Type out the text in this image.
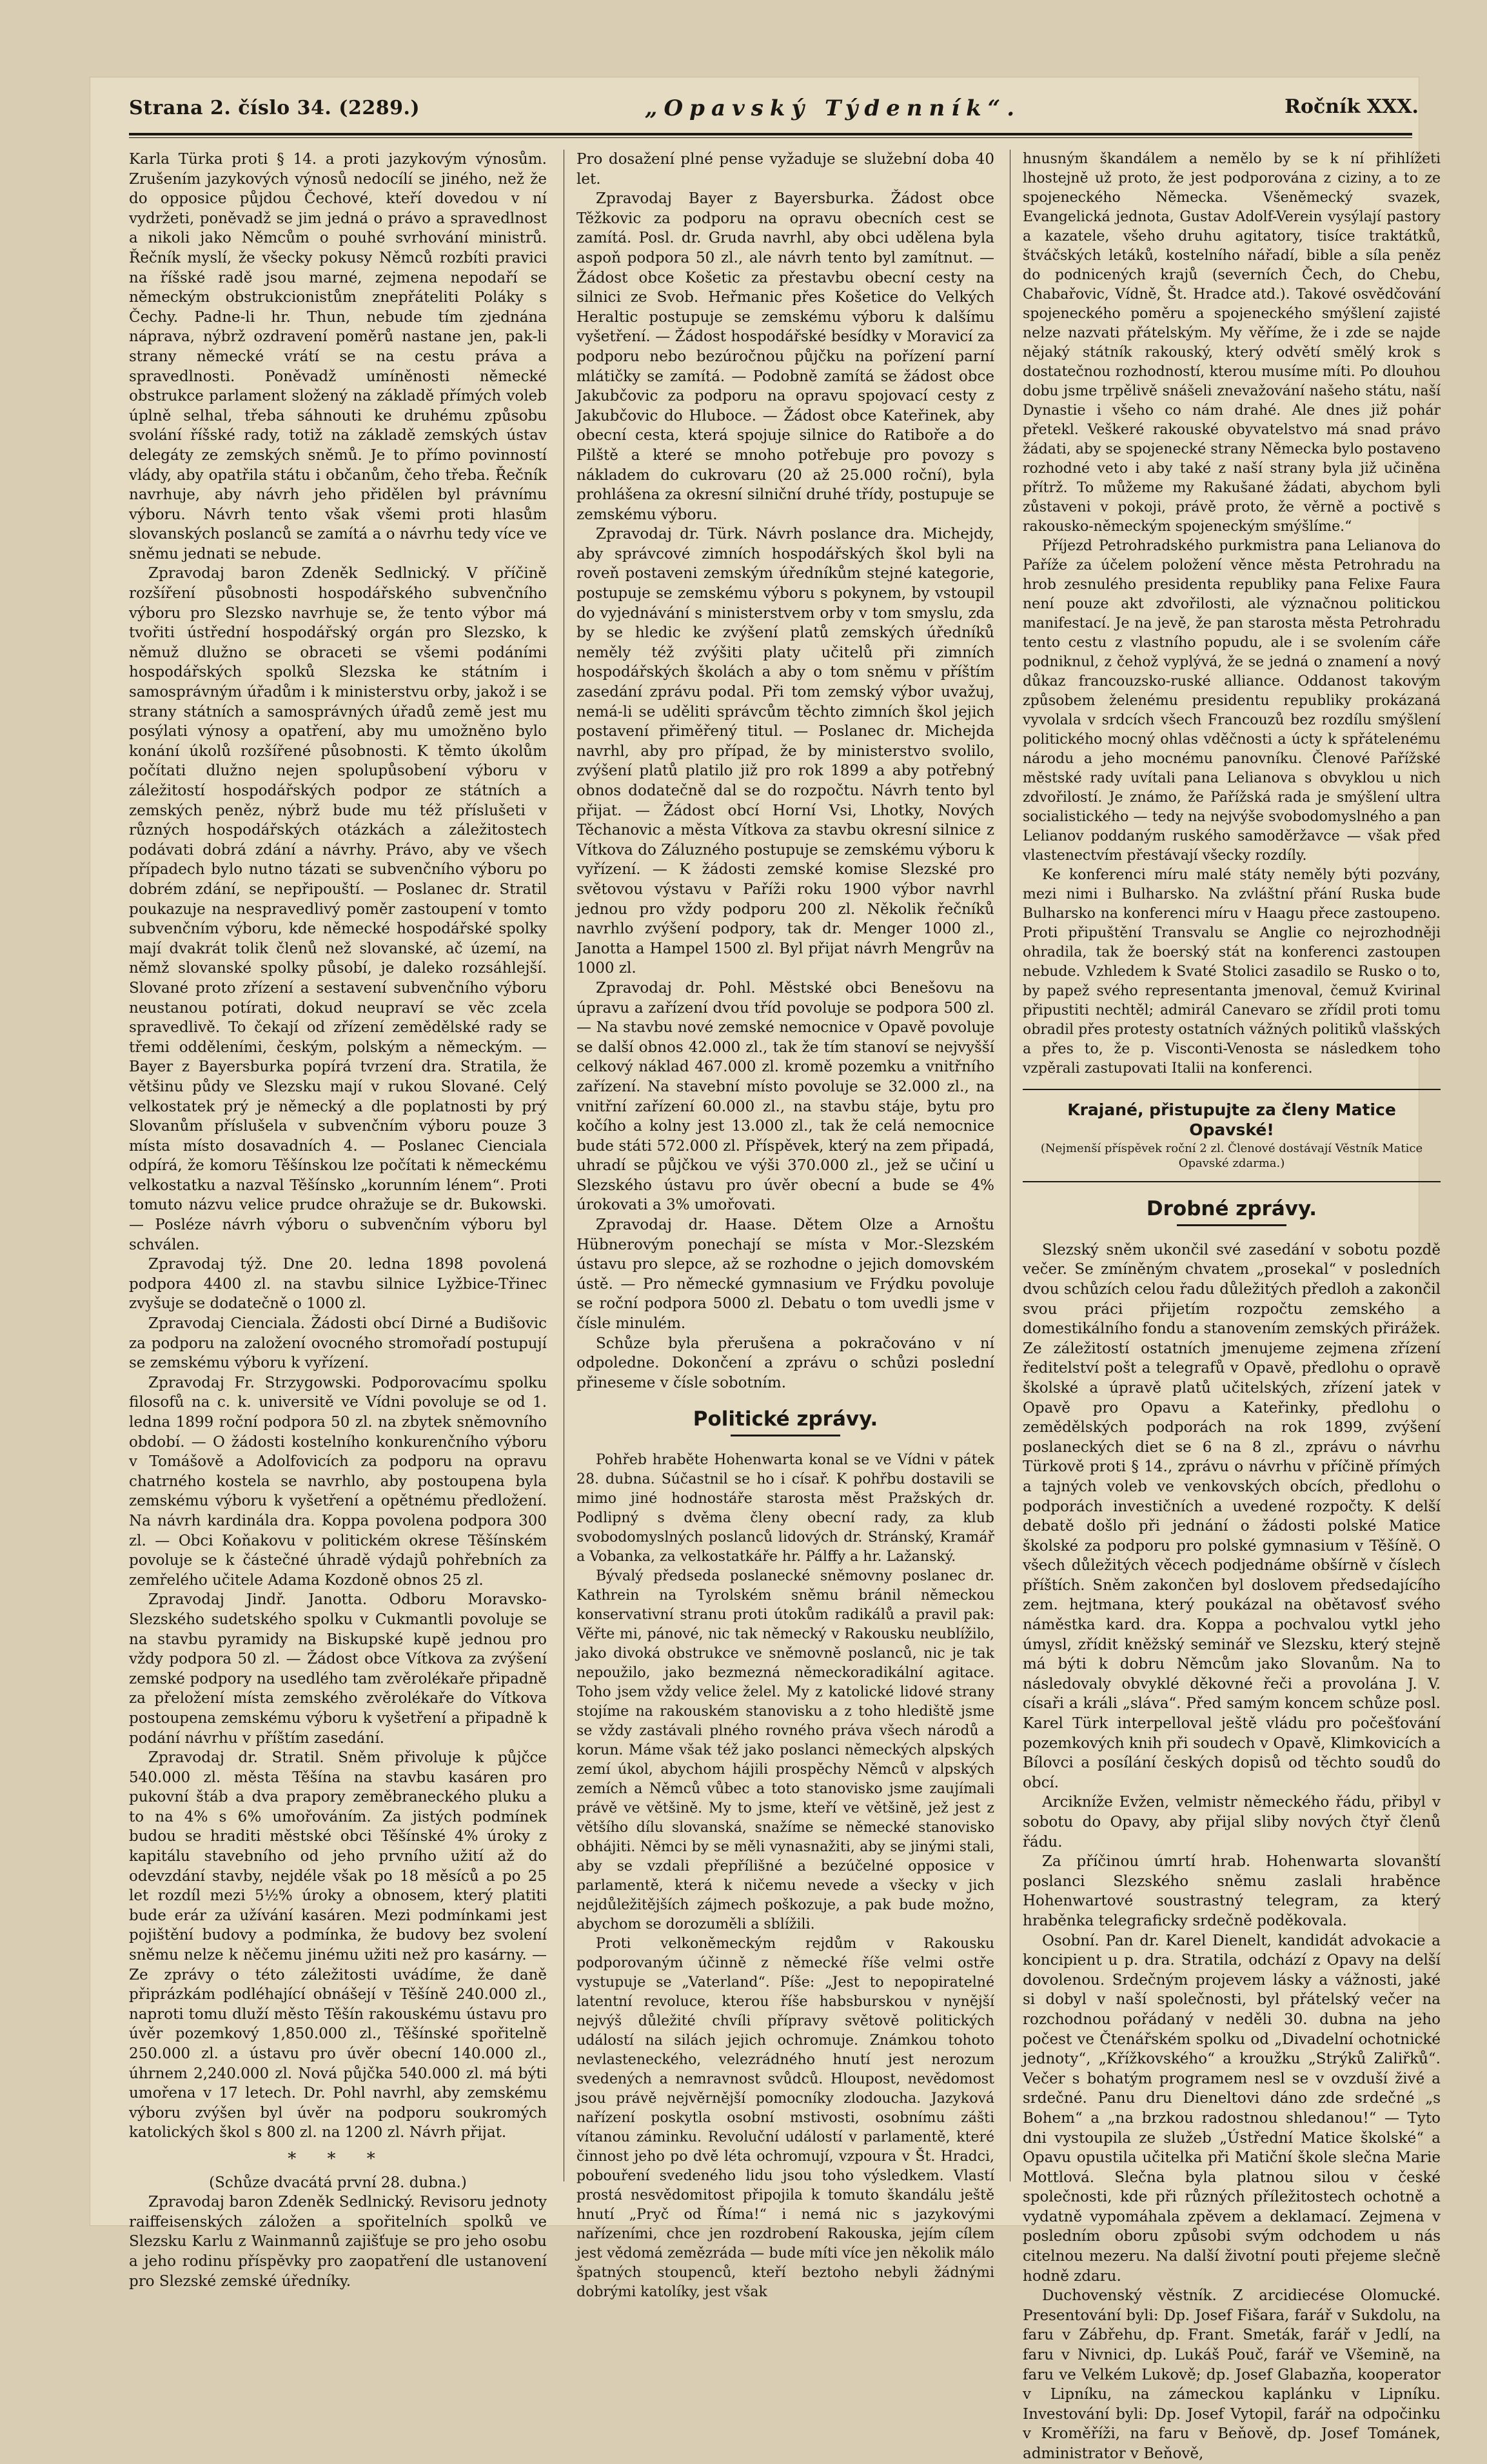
Strana 2. číslo 34. (2289.)	„Opavský Týdenník“.	Ročník XXX.

Karla Türka proti § 14. a proti jazykovým výnosům. Zrušením jazykových výnosů nedocílí se jiného, než že do opposice půjdou Čechové, kteří dovedou v ní vydržeti, poněvadž se jim jedná o právo a spravedlnost a nikoli jako Němcům o pouhé svrhování ministrů. Řečník myslí, že všecky pokusy Němců rozbíti pravici na říšské radě jsou marné, zejmena nepodaří se německým obstrukcionistům znepřáteliti Poláky s Čechy. Padne-li hr. Thun, nebude tím zjednána náprava, nýbrž ozdravení poměrů nastane jen, pak-li strany německé vrátí se na cestu práva a spravedlnosti. Poněvadž umíněnosti německé obstrukce parlament složený na základě přímých voleb úplně selhal, třeba sáhnouti ke druhému způsobu svolání říšské rady, totiž na základě zemských ústav delegáty ze zemských sněmů. Je to přímo povinností vlády, aby opatřila státu i občanům, čeho třeba. Řečník navrhuje, aby návrh jeho přidělen byl právnímu výboru. Návrh tento však všemi proti hlasům slovanských poslanců se zamítá a o návrhu tedy více ve sněmu jednati se nebude.

Zpravodaj baron Zdeněk Sedlnický. V příčině rozšíření působnosti hospodářského subvenčního výboru pro Slezsko navrhuje se, že tento výbor má tvořiti ústřední hospodářský orgán pro Slezsko, k němuž dlužno se obraceti se všemi podáními hospodářských spolků Slezska ke státním i samosprávným úřadům i k ministerstvu orby, jakož i se strany státních a samosprávných úřadů země jest mu posýlati výnosy a opatření, aby mu umožněno bylo konání úkolů rozšířené působnosti. K těmto úkolům počítati dlužno nejen spolupůsobení výboru v záležitostí hospodářských podpor ze státních a zemských peněz, nýbrž bude mu též příslušeti v různých hospodářských otázkách a záležitostech podávati dobrá zdání a návrhy. Právo, aby ve všech případech bylo nutno tázati se subvenčního výboru po dobrém zdání, se nepřipouští. — Poslanec dr. Stratil poukazuje na nespravedlivý poměr zastoupení v tomto subvenčním výboru, kde německé hospodářské spolky mají dvakrát tolik členů než slovanské, ač území, na němž slovanské spolky působí, je daleko rozsáhlejší. Slované proto zřízení a sestavení subvenčního výboru neustanou potírati, dokud neupraví se věc zcela spravedlivě. To čekají od zřízení zemědělské rady se třemi odděleními, českým, polským a německým. — Bayer z Bayersburka popírá tvrzení dra. Stratila, že většinu půdy ve Slezsku mají v rukou Slované. Celý velkostatek prý je německý a dle poplatnosti by prý Slovanům příslušela v subvenčním výboru pouze 3 místa místo dosavadních 4. — Poslanec Cienciala odpírá, že komoru Těšínskou lze počítati k německému velkostatku a nazval Těšínsko „korunním lénem“. Proti tomuto názvu velice prudce ohražuje se dr. Bukowski. — Posléze návrh výboru o subvenčním výboru byl schválen.

Zpravodaj týž. Dne 20. ledna 1898 povolená podpora 4400 zl. na stavbu silnice Lyžbice-Třinec zvyšuje se dodatečně o 1000 zl.

Zpravodaj Cienciala. Žádosti obcí Dirné a Budišovic za podporu na založení ovocného stromořadí postupují se zemskému výboru k vyřízení.

Zpravodaj Fr. Strzygowski. Podporovacímu spolku filosofů na c. k. universitě ve Vídni povoluje se od 1. ledna 1899 roční podpora 50 zl. na zbytek sněmovního období. — O žádosti kostelního konkurenčního výboru v Tomášově a Adolfovicích za podporu na opravu chatrného kostela se navrhlo, aby postoupena byla zemskému výboru k vyšetření a opětnému předložení. Na návrh kardinála dra. Koppa povolena podpora 300 zl. — Obci Koňakovu v politickém okrese Těšínském povoluje se k částečné úhradě výdajů pohřebních za zemřelého učitele Adama Kozdoně obnos 25 zl.

Zpravodaj Jindř. Janotta. Odboru Moravsko-Slezského sudetského spolku v Cukmantli povoluje se na stavbu pyramidy na Biskupské kupě jednou pro vždy podpora 50 zl. — Žádost obce Vítkova za zvýšení zemské podpory na usedlého tam zvěrolékaře připadně za přeložení místa zemského zvěrolékaře do Vítkova postoupena zemskému výboru k vyšetření a připadně k podání návrhu v příštím zasedání.

Zpravodaj dr. Stratil. Sněm přivoluje k půjčce 540.000 zl. města Těšína na stavbu kasáren pro pukovní štáb a dva prapory zeměbraneckého pluku a to na 4% s 6% umořováním. Za jistých podmínek budou se hraditi městské obci Těšínské 4% úroky z kapitálu stavebního od jeho prvního užití až do odevzdání stavby, nejdéle však po 18 měsíců a po 25 let rozdíl mezi 5½% úroky a obnosem, který platiti bude erár za užívání kasáren. Mezi podmínkami jest pojištění budovy a podmínka, že budovy bez svolení sněmu nelze k něčemu jinému užiti než pro kasárny. — Ze zprávy o této záležitosti uvádíme, že daně připrázkám podléhající obnášejí v Těšíně 240.000 zl., naproti tomu dluží město Těšín rakouskému ústavu pro úvěr pozemkový 1,850.000 zl., Těšínské spořitelně 250.000 zl. a ústavu pro úvěr obecní 140.000 zl., úhrnem 2,240.000 zl. Nová půjčka 540.000 zl. má býti umořena v 17 letech. Dr. Pohl navrhl, aby zemskému výboru zvýšen byl úvěr na podporu soukromých katolických škol s 800 zl. na 1200 zl. Návrh přijat.

* * *

(Schůze dvacátá první 28. dubna.)

Zpravodaj baron Zdeněk Sedlnický. Revisoru jednoty raiffeisenských záložen a spořitelních spolků ve Slezsku Karlu z Wainmannů zajišťuje se pro jeho osobu a jeho rodinu příspěvky pro zaopatření dle ustanovení pro Slezské zemské úředníky.

Pro dosažení plné pense vyžaduje se služební doba 40 let.

Zpravodaj Bayer z Bayersburka. Žádost obce Těžkovic za podporu na opravu obecních cest se zamítá. Posl. dr. Gruda navrhl, aby obci udělena byla aspoň podpora 50 zl., ale návrh tento byl zamítnut. — Žádost obce Košetic za přestavbu obecní cesty na silnici ze Svob. Heřmanic přes Košetice do Velkých Heraltic postupuje se zemskému výboru k dalšímu vyšetření. — Žádost hospodářské besídky v Moravicí za podporu nebo bezúročnou půjčku na pořízení parní mlátičky se zamítá. — Podobně zamítá se žádost obce Jakubčovic za podporu na opravu spojovací cesty z Jakubčovic do Hluboce. — Žádost obce Kateřinek, aby obecní cesta, která spojuje silnice do Ratiboře a do Pilště a které se mnoho potřebuje pro povozy s nákladem do cukrovaru (20 až 25.000 roční), byla prohlášena za okresní silniční druhé třídy, postupuje se zemskému výboru.

Zpravodaj dr. Türk. Návrh poslance dra. Michejdy, aby správcové zimních hospodářských škol byli na roveň postaveni zemským úředníkům stejné kategorie, postupuje se zemskému výboru s pokynem, by vstoupil do vyjednávání s ministerstvem orby v tom smyslu, zda by se hledic ke zvýšení platů zemských úředníků neměly též zvýšiti platy učitelů při zimních hospodářských školách a aby o tom sněmu v příštím zasedání zprávu podal. Při tom zemský výbor uvažuj, nemá-li se uděliti správcům těchto zimních škol jejich postavení přiměřený titul. — Poslanec dr. Michejda navrhl, aby pro případ, že by ministerstvo svolilo, zvýšení platů platilo již pro rok 1899 a aby potřebný obnos dodatečně dal se do rozpočtu. Návrh tento byl přijat. — Žádost obcí Horní Vsi, Lhotky, Nových Těchanovic a města Vítkova za stavbu okresní silnice z Vítkova do Záluzného postupuje se zemskému výboru k vyřízení. — K žádosti zemské komise Slezské pro světovou výstavu v Paříži roku 1900 výbor navrhl jednou pro vždy podporu 200 zl. Několik řečníků navrhlo zvýšení podpory, tak dr. Menger 1000 zl., Janotta a Hampel 1500 zl. Byl přijat návrh Mengrův na 1000 zl.

Zpravodaj dr. Pohl. Městské obci Benešovu na úpravu a zařízení dvou tříd povoluje se podpora 500 zl. — Na stavbu nové zemské nemocnice v Opavě povoluje se další obnos 42.000 zl., tak že tím stanoví se nejvyšší celkový náklad 467.000 zl. kromě pozemku a vnitřního zařízení. Na stavební místo povoluje se 32.000 zl., na vnitřní zařízení 60.000 zl., na stavbu stáje, bytu pro kočího a kolny jest 13.000 zl., tak že celá nemocnice bude státi 572.000 zl. Příspěvek, který na zem připadá, uhradí se půjčkou ve výši 370.000 zl., jež se učiní u Slezského ústavu pro úvěr obecní a bude se 4% úrokovati a 3% umořovati.

Zpravodaj dr. Haase. Dětem Olze a Arnoštu Hübnerovým ponechají se místa v Mor.-Slezském ústavu pro slepce, až se rozhodne o jejich domovském ústě. — Pro německé gymnasium ve Frýdku povoluje se roční podpora 5000 zl. Debatu o tom uvedli jsme v čísle minulém.

Schůze byla přerušena a pokračováno v ní odpoledne. Dokončení a zprávu o schůzi poslední přineseme v čísle sobotním.

Politické zprávy.

Pohřeb hraběte Hohenwarta konal se ve Vídni v pátek 28. dubna. Súčastnil se ho i císař. K pohřbu dostavili se mimo jiné hodnostáře starosta měst Pražských dr. Podlipný s dvěma členy obecní rady, za klub svobodomyslných poslanců lidových dr. Stránský, Kramář a Vobanka, za velkostatkáře hr. Pálffy a hr. Lažanský.

Bývalý předseda poslanecké sněmovny poslanec dr. Kathrein na Tyrolském sněmu bránil německou konservativní stranu proti útokům radikálů a pravil pak: Věřte mi, pánové, nic tak německý v Rakousku neublížilo, jako divoká obstrukce ve sněmovně poslanců, nic je tak nepoužilo, jako bezmezná německoradikální agitace. Toho jsem vždy velice želel. My z katolické lidové strany stojíme na rakouském stanovisku a z toho hlediště jsme se vždy zastávali plného rovného práva všech národů a korun. Máme však též jako poslanci německých alpských zemí úkol, abychom hájili prospěchy Němců v alpských zemích a Němců vůbec a toto stanovisko jsme zaujímali právě ve většině. My to jsme, kteří ve většině, jež jest z většího dílu slovanská, snažíme se německé stanovisko obhájiti. Němci by se měli vynasnažiti, aby se jinými stali, aby se vzdali přepřílišné a bezúčelné opposice v parlamentě, která k ničemu nevede a všecky v jich nejdůležitějších zájmech poškozuje, a pak bude možno, abychom se dorozuměli a sblížili.

Proti velkoněmeckým rejdům v Rakousku podporovaným účinně z německé říše velmi ostře vystupuje se „Vaterland“. Píše: „Jest to nepopiratelné latentní revoluce, kterou říše habsburskou v nynější nejvýš důležité chvíli přípravy světově politických událostí na silách jejich ochromuje. Známkou tohoto nevlasteneckého, velezrádného hnutí jest nerozum svedených a nemravnost svůdců. Hloupost, nevědomost jsou právě nejvěrnější pomocníky zlodoucha. Jazyková nařízení poskytla osobní mstivosti, osobnímu zášti vítanou záminku. Revoluční událostí v parlamentě, které činnost jeho po dvě léta ochromují, vzpoura v Št. Hradci, pobouření svedeného lidu jsou toho výsledkem. Vlastí prostá nesvědomitost připojila k tomuto škandálu ještě hnutí „Pryč od Říma!“ i nemá nic s jazykovými nařízeními, chce jen rozdrobení Rakouska, jejím cílem jest vědomá zemězráda — bude míti více jen několik málo špatných stoupenců, kteří beztoho nebyli žádnými dobrými katolíky, jest však

hnusným škandálem a nemělo by se k ní přihlížeti lhostejně už proto, že jest podporována z ciziny, a to ze spojeneckého Německa. Všeněmecký svazek, Evangelická jednota, Gustav Adolf-Verein vysýlají pastory a kazatele, všeho druhu agitatory, tisíce traktátků, štváčských letáků, kostelního nářadí, bible a síla peněz do podnicených krajů (severních Čech, do Chebu, Chabařovic, Vídně, Št. Hradce atd.). Takové osvědčování spojeneckého poměru a spojeneckého smýšlení zajisté nelze nazvati přátelským. My věříme, že i zde se najde nějaký státník rakouský, který odvětí smělý krok s dostatečnou rozhodností, kterou musíme míti. Po dlouhou dobu jsme trpělivě snášeli znevažování našeho státu, naší Dynastie i všeho co nám drahé. Ale dnes již pohár přetekl. Veškeré rakouské obyvatelstvo má snad právo žádati, aby se spojenecké strany Německa bylo postaveno rozhodné veto i aby také z naší strany byla již učiněna přítrž. To můžeme my Rakušané žádati, abychom byli zůstaveni v pokoji, právě proto, že věrně a poctivě s rakousko-německým spojeneckým smýšlíme.“

Příjezd Petrohradského purkmistra pana Lelianova do Paříže za účelem položení věnce města Petrohradu na hrob zesnulého presidenta republiky pana Felixe Faura není pouze akt zdvořilosti, ale význačnou politickou manifestací. Je na jevě, že pan starosta města Petrohradu tento cestu z vlastního popudu, ale i se svolením cáře podniknul, z čehož vyplývá, že se jedná o znamení a nový důkaz francouzsko-ruské alliance. Oddanost takovým způsobem želenému presidentu republiky prokázaná vyvolala v srdcích všech Francouzů bez rozdílu smýšlení politického mocný ohlas vděčnosti a úcty k spřátelenému národu a jeho mocnému panovníku. Členové Pařížské městské rady uvítali pana Lelianova s obvyklou u nich zdvořilostí. Je známo, že Pařížská rada je smýšlení ultra socialistického — tedy na nejvýše svobodomyslného a pan Lelianov poddaným ruského samoděržavce — však před vlastenectvím přestávají všecky rozdíly.

Ke konferenci míru malé státy neměly býti pozvány, mezi nimi i Bulharsko. Na zvláštní přání Ruska bude Bulharsko na konferenci míru v Haagu přece zastoupeno. Proti připuštění Transvalu se Anglie co nejrozhodněji ohradila, tak že boerský stát na konferenci zastoupen nebude. Vzhledem k Svaté Stolici zasadilo se Rusko o to, by papež svého representanta jmenoval, čemuž Kvirinal připustiti nechtěl; admirál Canevaro se zřídil proti tomu obradil přes protesty ostatních vážných politiků vlašských a přes to, že p. Visconti-Venosta se následkem toho vzpěrali zastupovati Italii na konferenci.

Krajané, přistupujte za členy Matice Opavské!
(Nejmenší příspěvek roční 2 zl. Členové dostávají Věstník Matice Opavské zdarma.)
Drobné zprávy.

Slezský sněm ukončil své zasedání v sobotu pozdě večer. Se zmíněným chvatem „prosekal“ v posledních dvou schůzích celou řadu důležitých předloh a zakončil svou práci přijetím rozpočtu zemského a domestikálního fondu a stanovením zemských přirážek. Ze záležitostí ostatních jmenujeme zejmena zřízení ředitelství pošt a telegrafů v Opavě, předlohu o opravě školské a úpravě platů učitelských, zřízení jatek v Opavě pro Opavu a Kateřinky, předlohu o zemědělských podporách na rok 1899, zvýšení poslaneckých diet se 6 na 8 zl., zprávu o návrhu Türkově proti § 14., zprávu o návrhu v příčině přímých a tajných voleb ve venkovských obcích, předlohu o podporách investičních a uvedené rozpočty. K delší debatě došlo při jednání o žádosti polské Matice školské za podporu pro polské gymnasium v Těšíně. O všech důležitých věcech podjednáme obšírně v číslech příštích. Sněm zakončen byl doslovem předsedajícího zem. hejtmana, který poukázal na obětavosť svého náměstka kard. dra. Koppa a pochvalou vytkl jeho úmysl, zřídit kněžský seminář ve Slezsku, který stejně má býti k dobru Němcům jako Slovanům. Na to následovaly obvyklé děkovné řeči a provolána J. V. císaři a králi „sláva“. Před samým koncem schůze posl. Karel Türk interpelloval ještě vládu pro počešťování pozemkových knih při soudech v Opavě, Klimkovicích a Bílovci a posílání českých dopisů od těchto soudů do obcí.

Arcikníže Evžen, velmistr německého řádu, přibyl v sobotu do Opavy, aby přijal sliby nových čtyř členů řádu.

Za příčinou úmrtí hrab. Hohenwarta slovanští poslanci Slezského sněmu zaslali hraběnce Hohenwartové soustrastný telegram, za který hraběnka telegraficky srdečně poděkovala.

Osobní. Pan dr. Karel Dienelt, kandidát advokacie a koncipient u p. dra. Stratila, odchází z Opavy na delší dovolenou. Srdečným projevem lásky a vážnosti, jaké si dobyl v naší společnosti, byl přátelský večer na rozchodnou pořádaný v neděli 30. dubna na jeho počest ve Čtenářském spolku od „Divadelní ochotnické jednoty“, „Křížkovského“ a kroužku „Strýků Zaliřků“. Večer s bohatým programem nesl se v ovzduší živé a srdečné. Panu dru Dieneltovi dáno zde srdečné „s Bohem“ a „na brzkou radostnou shledanou!“ — Tyto dni vystoupila ze služeb „Ústřední Matice školské“ a Opavu opustila učitelka při Matiční škole slečna Marie Mottlová. Slečna byla platnou silou v české společnosti, kde při různých příležitostech ochotně a vydatně vypomáhala zpěvem a deklamací. Zejmena v posledním oboru způsobi svým odchodem u nás citelnou mezeru. Na další životní pouti přejeme slečně hodně zdaru.

Duchovenský věstník. Z arcidiecése Olomucké. Presentování byli: Dp. Josef Fišara, farář v Sukdolu, na faru v Zábřehu, dp. Frant. Smeták, farář v Jedlí, na faru v Nivnici, dp. Lukáš Pouč, farář ve Všemině, na faru ve Velkém Lukově; dp. Josef Glabazňa, kooperator v Lipníku, na zámeckou kaplánku v Lipníku. Investování byli: Dp. Josef Vytopil, farář na odpočinku v Kroměříži, na faru v Beňově, dp. Josef Tománek, administrator v Beňově,
